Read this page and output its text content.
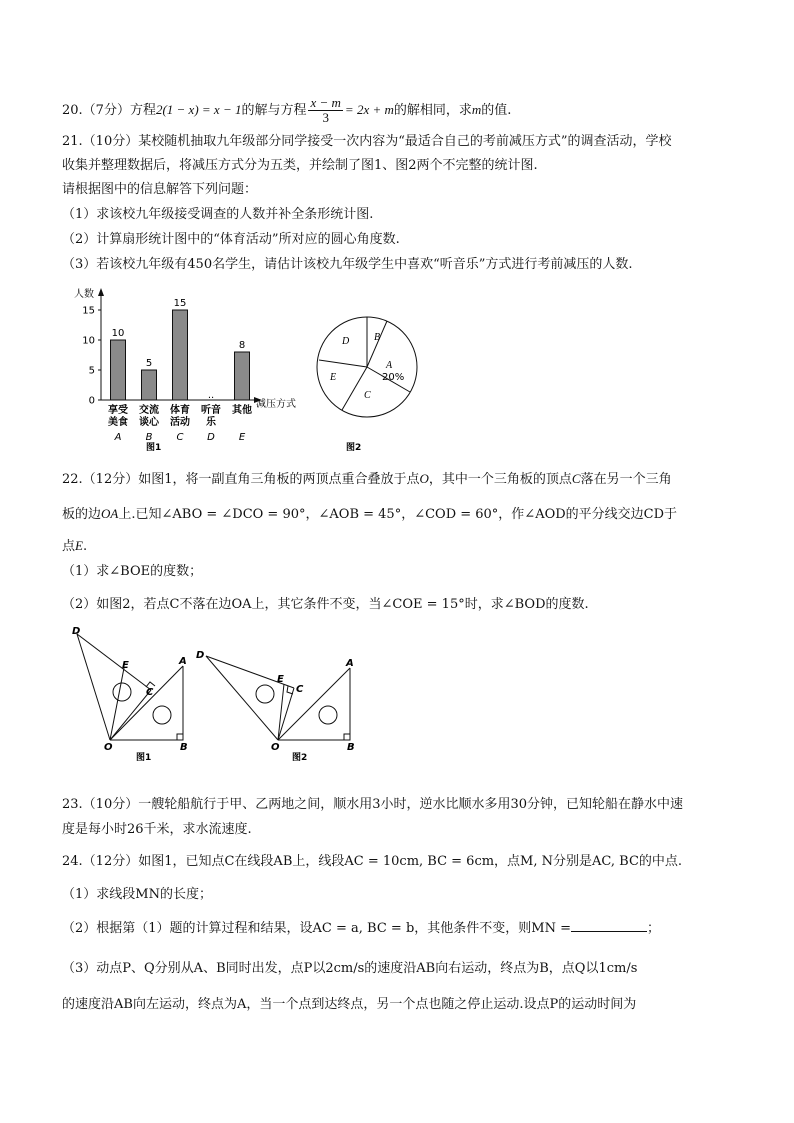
20.（7分）方程2(1 − x) = x − 1的解与方程 $\frac{x - m}{3} = 2x + m$的解相同，求m的值.
21.（10分）某校随机抽取九年级部分同学接受一次内容为“最适合自己的考前减压方式”的调查活动，学校
收集并整理数据后，将减压方式分为五类，并绘制了图1、图2两个不完整的统计图.
请根据图中的信息解答下列问题：
（1）求该校九年级接受调查的人数并补全条形统计图.
（2）计算扇形统计图中的“体育活动”所对应的圆心角度数.
（3）若该校九年级有450名学生，请估计该校九年级学生中喜欢“听音乐”方式进行考前减压的人数.
人数
减压方式
图1
0
5
10
15
10
享受
美食
A
5
交流
谈心
B
15
体育
活动
C
..
听音
乐
D
8
其他
E
B
A
20%
C
E
D
图2
22.（12分）如图1，将一副直角三角板的两顶点重合叠放于点O，其中一个三角板的顶点C落在另一个三角
板的边OA上.已知∠ABO = ∠DCO = 90°，∠AOB = 45°，∠COD = 60°，作∠AOD的平分线交边CD于
点E.
（1）求∠BOE的度数；
（2）如图2，若点C不落在边OA上，其它条件不变，当∠COE = 15°时，求∠BOD的度数.
D
E
C
A
O	B
图1
D
E
C
A
O	B
图2
23.（10分）一艘轮船航行于甲、乙两地之间，顺水用3小时，逆水比顺水多用30分钟，已知轮船在静水中速
度是每小时26千米，求水流速度.
24.（12分）如图1，已知点C在线段AB上，线段AC = 10cm, BC = 6cm，点M, N分别是AC, BC的中点.
（1）求线段MN的长度；
（2）根据第（1）题的计算过程和结果，设AC = a, BC = b，其他条件不变，则MN =	；
（3）动点P、Q分别从A、B同时出发，点P以2cm/s的速度沿AB向右运动，终点为B，点Q以1cm/s
的速度沿AB向左运动，终点为A，当一个点到达终点，另一个点也随之停止运动.设点P的运动时间为
